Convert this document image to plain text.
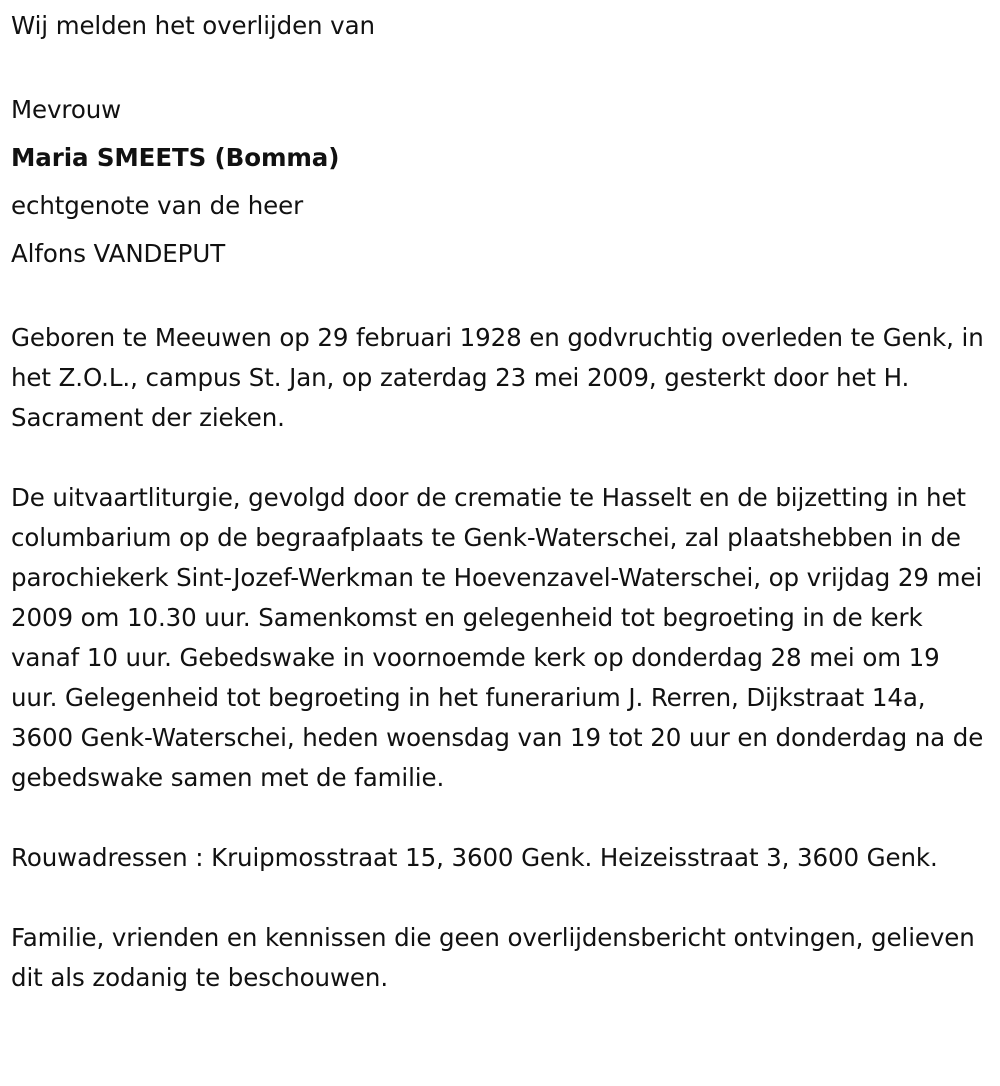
Wij melden het overlijden van

Mevrouw

Maria SMEETS (Bomma)

echtgenote van de heer

Alfons VANDEPUT

Geboren te Meeuwen op 29 februari 1928 en godvruchtig overleden te Genk, in het Z.O.L., campus St. Jan, op zaterdag 23 mei 2009, gesterkt door het H. Sacrament der zieken.

De uitvaartliturgie, gevolgd door de crematie te Hasselt en de bijzetting in het columbarium op de begraafplaats te Genk-Waterschei, zal plaatshebben in de parochiekerk Sint-Jozef-Werkman te Hoevenzavel-Waterschei, op vrijdag 29 mei 2009 om 10.30 uur. Samenkomst en gelegenheid tot begroeting in de kerk vanaf 10 uur. Gebedswake in voornoemde kerk op donderdag 28 mei om 19 uur. Gelegenheid tot begroeting in het funerarium J. Rerren, Dijkstraat 14a, 3600 Genk-Waterschei, heden woensdag van 19 tot 20 uur en donderdag na de gebedswake samen met de familie.

Rouwadressen : Kruipmosstraat 15, 3600 Genk. Heizeisstraat 3, 3600 Genk.

Familie, vrienden en kennissen die geen overlijdensbericht ontvingen, gelieven dit als zodanig te beschouwen.
